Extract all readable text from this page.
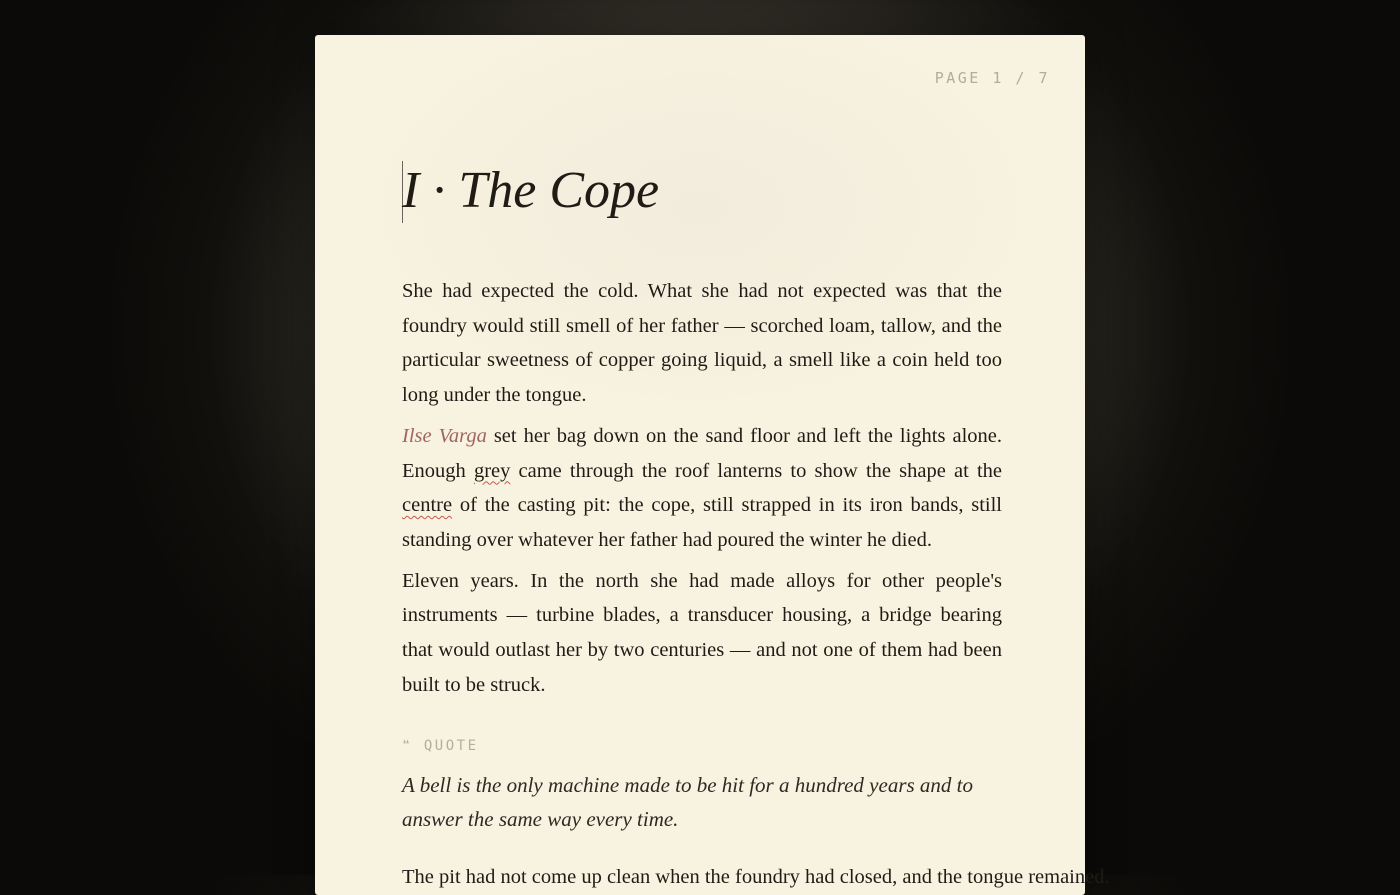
PAGE 1 / 7
I · The Cope

She had expected the cold. What she had not expected was that the foundry would still smell of her father — scorched loam, tallow, and the particular sweetness of copper going liquid, a smell like a coin held too long under the tongue.

Ilse Varga set her bag down on the sand floor and left the lights alone. Enough grey came through the roof lanterns to show the shape at the centre of the casting pit: the cope, still strapped in its iron bands, still standing over whatever her father had poured the winter he died.

Eleven years. In the north she had made alloys for other people's instruments — turbine blades, a transducer housing, a bridge bearing that would outlast her by two centuries — and not one of them had been built to be struck.

❝ QUOTE

A bell is the only machine made to be hit for a hundred years and to answer the same way every time.

The pit had not come up clean when the foundry had closed, and the tongue remained.
